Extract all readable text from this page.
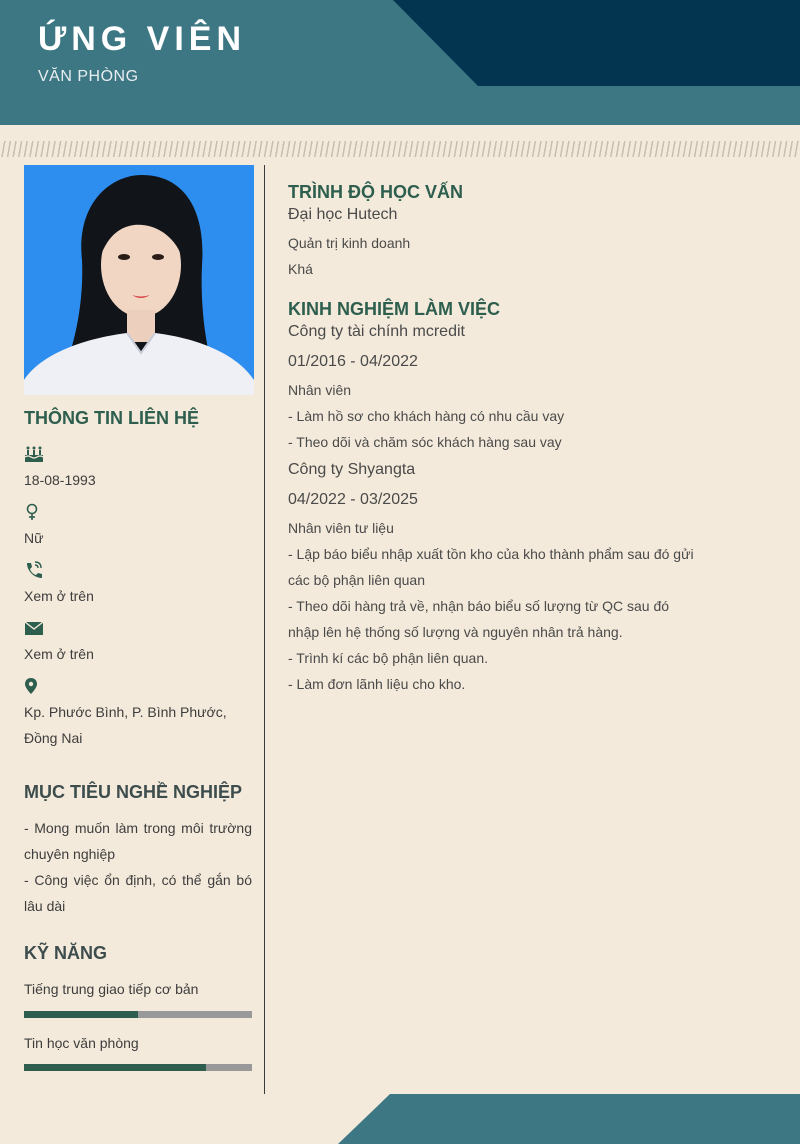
ỨNG VIÊN
VĂN PHÒNG
THÔNG TIN LIÊN HỆ
18-08-1993
Nữ
Xem ở trên
Xem ở trên
Kp. Phước Bình, P. Bình Phước,
Đồng Nai
MỤC TIÊU NGHỀ NGHIỆP
- Mong muốn làm trong môi trường chuyên nghiệp
- Công việc ổn định, có thể gắn bó lâu dài
KỸ NĂNG
Tiếng trung giao tiếp cơ bản
Tin học văn phòng
TRÌNH ĐỘ HỌC VẤN
Đại học Hutech
Quản trị kinh doanh
Khá
KINH NGHIỆM LÀM VIỆC
Công ty tài chính mcredit
01/2016 - 04/2022
Nhân viên
- Làm hồ sơ cho khách hàng có nhu cầu vay
- Theo dõi và chăm sóc khách hàng sau vay
Công ty Shyangta
04/2022 - 03/2025
Nhân viên tư liệu
- Lập báo biểu nhập xuất tồn kho của kho thành phẩm sau đó gửi các bộ phận liên quan
- Theo dõi hàng trả về, nhận báo biểu số lượng từ QC sau đó nhập lên hệ thống số lượng và nguyên nhân trả hàng.
- Trình kí các bộ phận liên quan.
- Làm đơn lãnh liệu cho kho.
